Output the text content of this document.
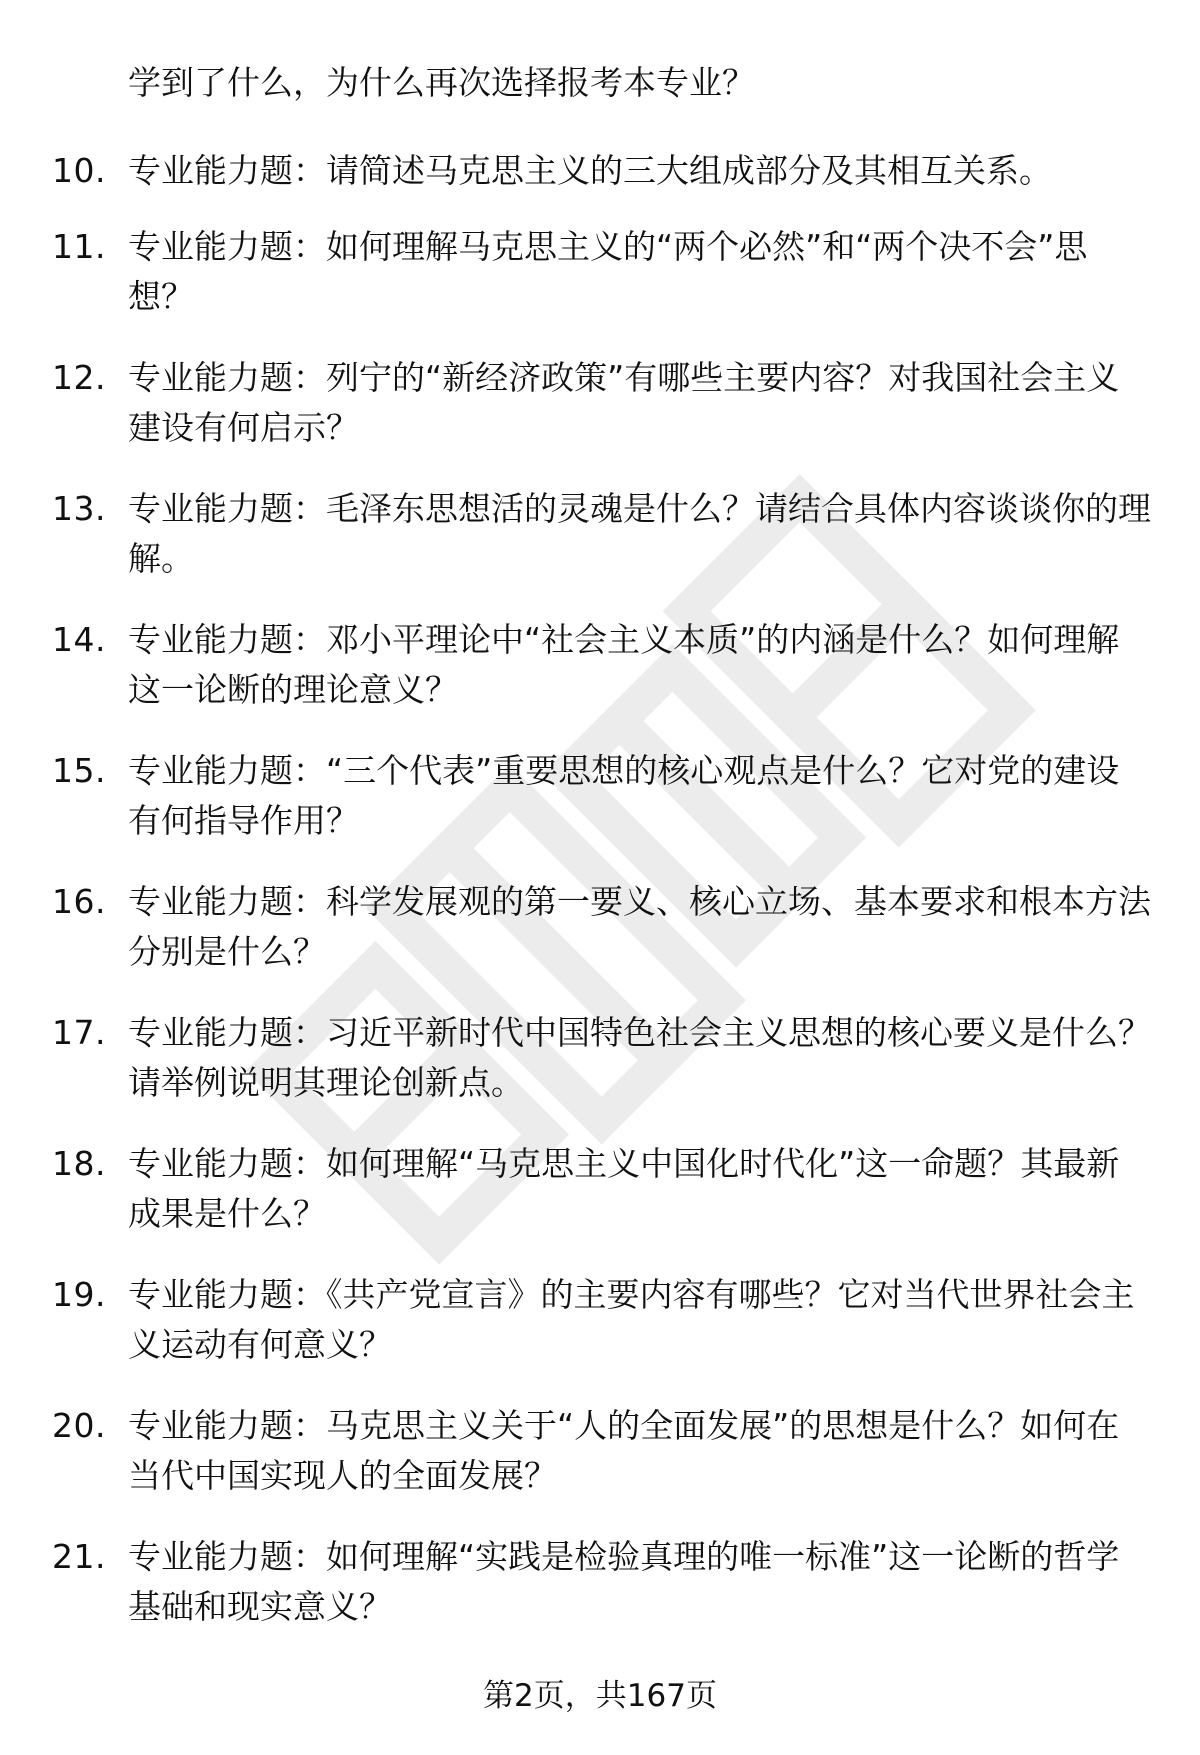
学到了什么，为什么再次选择报考本专业？
10. 专业能力题：请简述马克思主义的三大组成部分及其相互关系。
11. 专业能力题：如何理解马克思主义的“两个必然”和“两个决不会”思想？
12. 专业能力题：列宁的“新经济政策”有哪些主要内容？对我国社会主义建设有何启示？
13. 专业能力题：毛泽东思想活的灵魂是什么？请结合具体内容谈谈你的理解。
14. 专业能力题：邓小平理论中“社会主义本质”的内涵是什么？如何理解这一论断的理论意义？
15. 专业能力题：“三个代表”重要思想的核心观点是什么？它对党的建设有何指导作用？
16. 专业能力题：科学发展观的第一要义、核心立场、基本要求和根本方法分别是什么？
17. 专业能力题：习近平新时代中国特色社会主义思想的核心要义是什么？请举例说明其理论创新点。
18. 专业能力题：如何理解“马克思主义中国化时代化”这一命题？其最新成果是什么？
19. 专业能力题：《共产党宣言》的主要内容有哪些？它对当代世界社会主义运动有何意义？
20. 专业能力题：马克思主义关于“人的全面发展”的思想是什么？如何在当代中国实现人的全面发展？
21. 专业能力题：如何理解“实践是检验真理的唯一标准”这一论断的哲学基础和现实意义？
第2页，共167页
